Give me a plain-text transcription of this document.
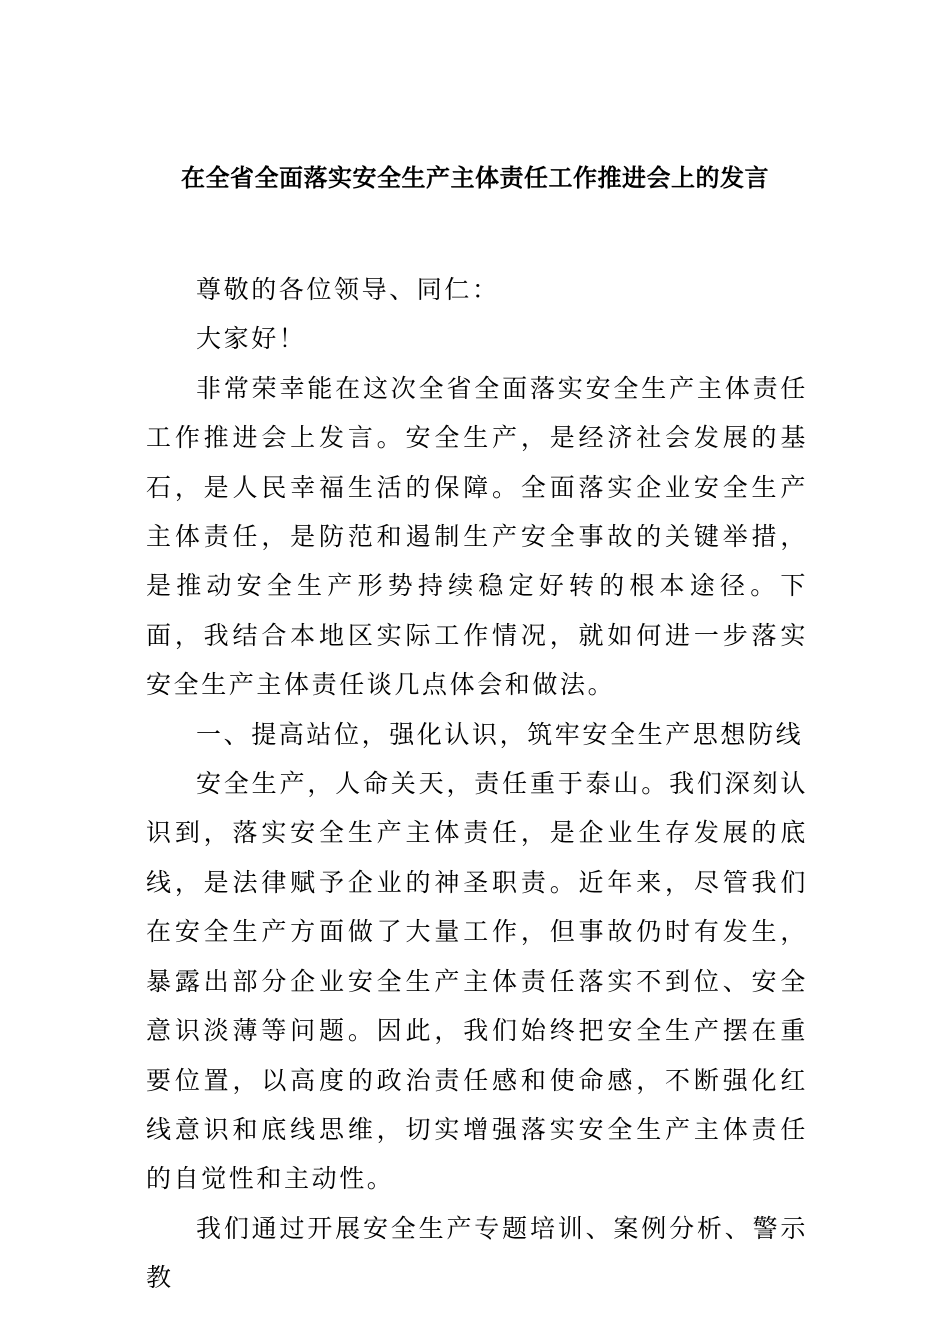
在全省全面落实安全生产主体责任工作推进会上的发言

尊敬的各位领导、同仁：

大家好！

非常荣幸能在这次全省全面落实安全生产主体责任工作推进会上发言。安全生产，是经济社会发展的基石，是人民幸福生活的保障。全面落实企业安全生产主体责任，是防范和遏制生产安全事故的关键举措，是推动安全生产形势持续稳定好转的根本途径。下面，我结合本地区实际工作情况，就如何进一步落实安全生产主体责任谈几点体会和做法。

一、提高站位，强化认识，筑牢安全生产思想防线

安全生产，人命关天，责任重于泰山。我们深刻认识到，落实安全生产主体责任，是企业生存发展的底线，是法律赋予企业的神圣职责。近年来，尽管我们在安全生产方面做了大量工作，但事故仍时有发生，暴露出部分企业安全生产主体责任落实不到位、安全意识淡薄等问题。因此，我们始终把安全生产摆在重要位置，以高度的政治责任感和使命感，不断强化红线意识和底线思维，切实增强落实安全生产主体责任的自觉性和主动性。

我们通过开展安全生产专题培训、案例分析、警示教
